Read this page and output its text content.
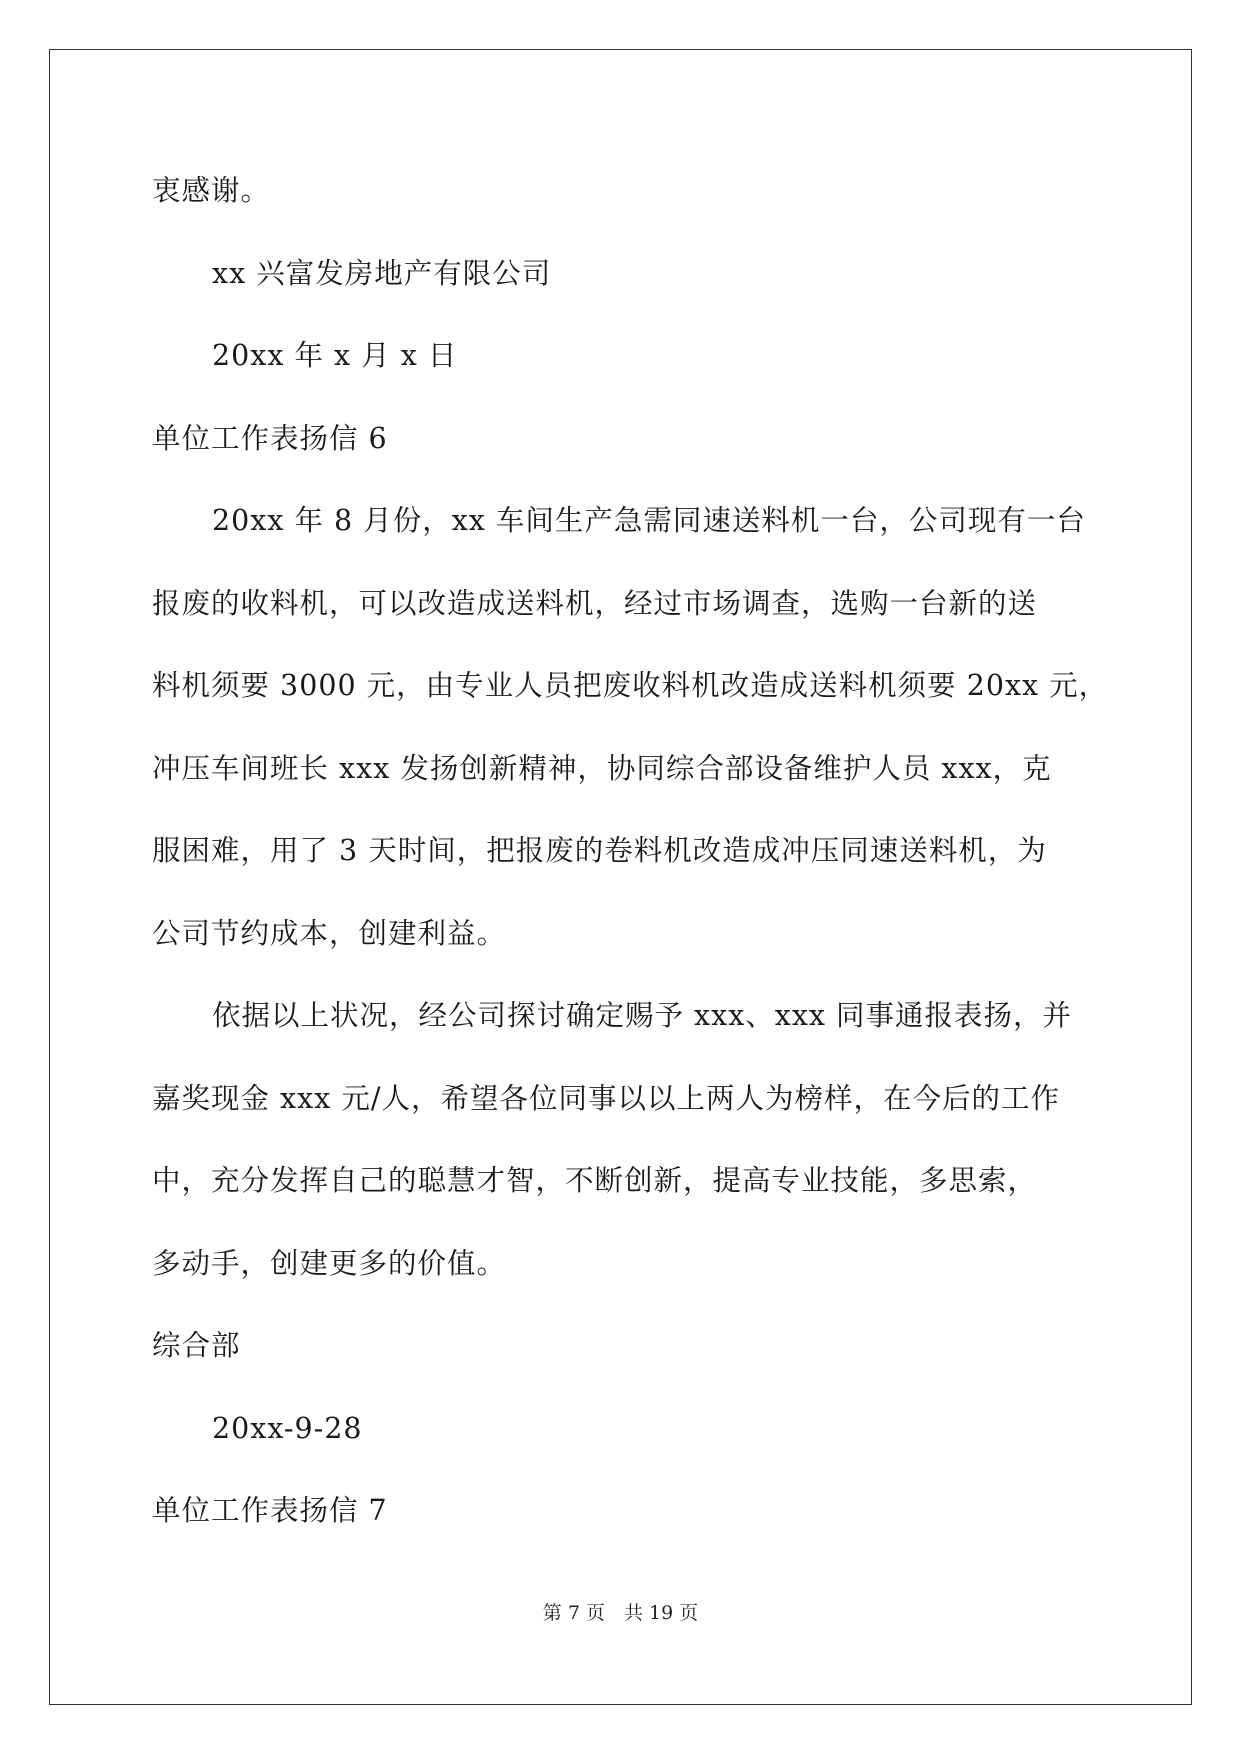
衷感谢。
xx 兴富发房地产有限公司
20xx 年 x 月 x 日
单位工作表扬信 6
20xx 年 8 月份，xx 车间生产急需同速送料机一台，公司现有一台
报废的收料机，可以改造成送料机，经过市场调查，选购一台新的送
料机须要 3000 元，由专业人员把废收料机改造成送料机须要 20xx 元，
冲压车间班长 xxx 发扬创新精神，协同综合部设备维护人员 xxx，克
服困难，用了 3 天时间，把报废的卷料机改造成冲压同速送料机，为
公司节约成本，创建利益。
依据以上状况，经公司探讨确定赐予 xxx、xxx 同事通报表扬，并
嘉奖现金 xxx 元/人，希望各位同事以以上两人为榜样，在今后的工作
中，充分发挥自己的聪慧才智，不断创新，提高专业技能，多思索，
多动手，创建更多的价值。
综合部
20xx-9-28
单位工作表扬信 7
第 7 页　共 19 页
